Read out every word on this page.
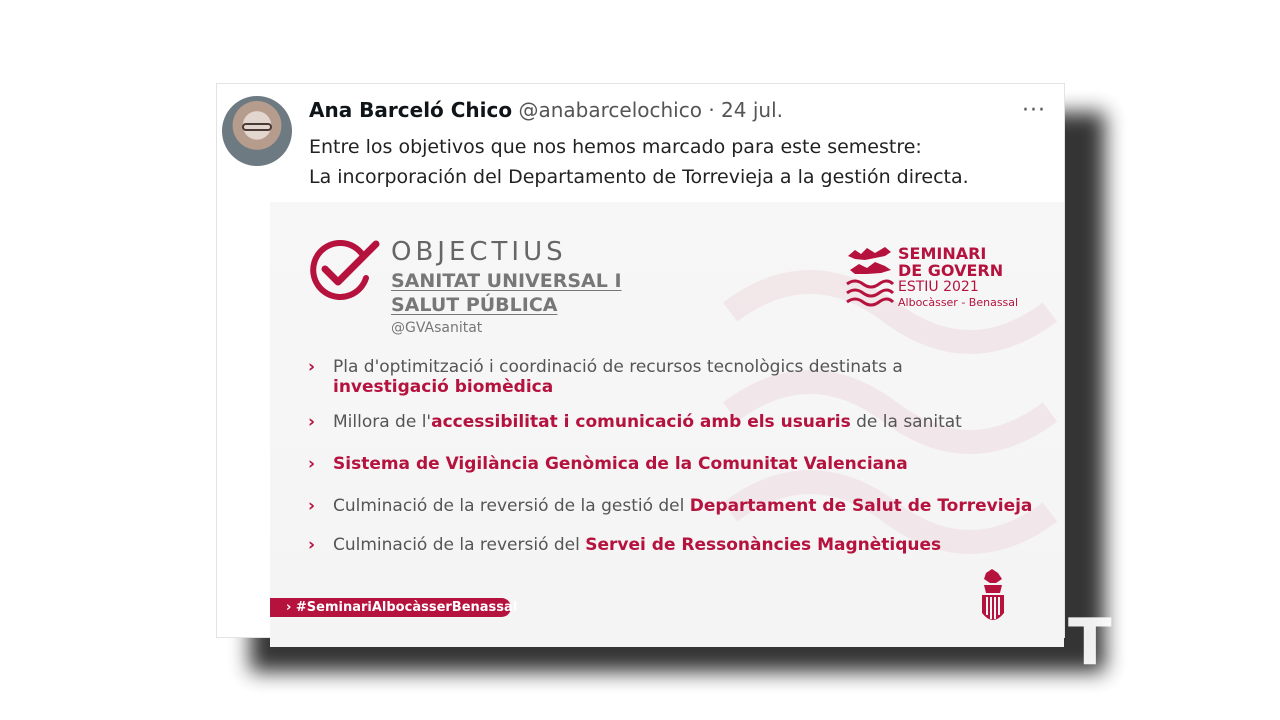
Ana Barceló Chico @anabarcelochico · 24 jul.	···
Entre los objetivos que nos hemos marcado para este semestre:
La incorporación del Departamento de Torrevieja a la gestión directa.
OBJECTIUS
SANITAT UNIVERSAL I
SALUT PÚBLICA
@GVAsanitat
SEMINARI
DE GOVERN
ESTIU 2021
Albocàsser - Benassal
› Pla d'optimització i coordinació de recursos tecnològics destinats a
investigació biomèdica
› Millora de l'accessibilitat i comunicació amb els usuaris de la sanitat
› Sistema de Vigilància Genòmica de la Comunitat Valenciana
› Culminació de la reversió de la gestió del Departament de Salut de Torrevieja
› Culminació de la reversió del Servei de Ressonàncies Magnètiques
› #SeminariAlbocàsserBenassal	T
